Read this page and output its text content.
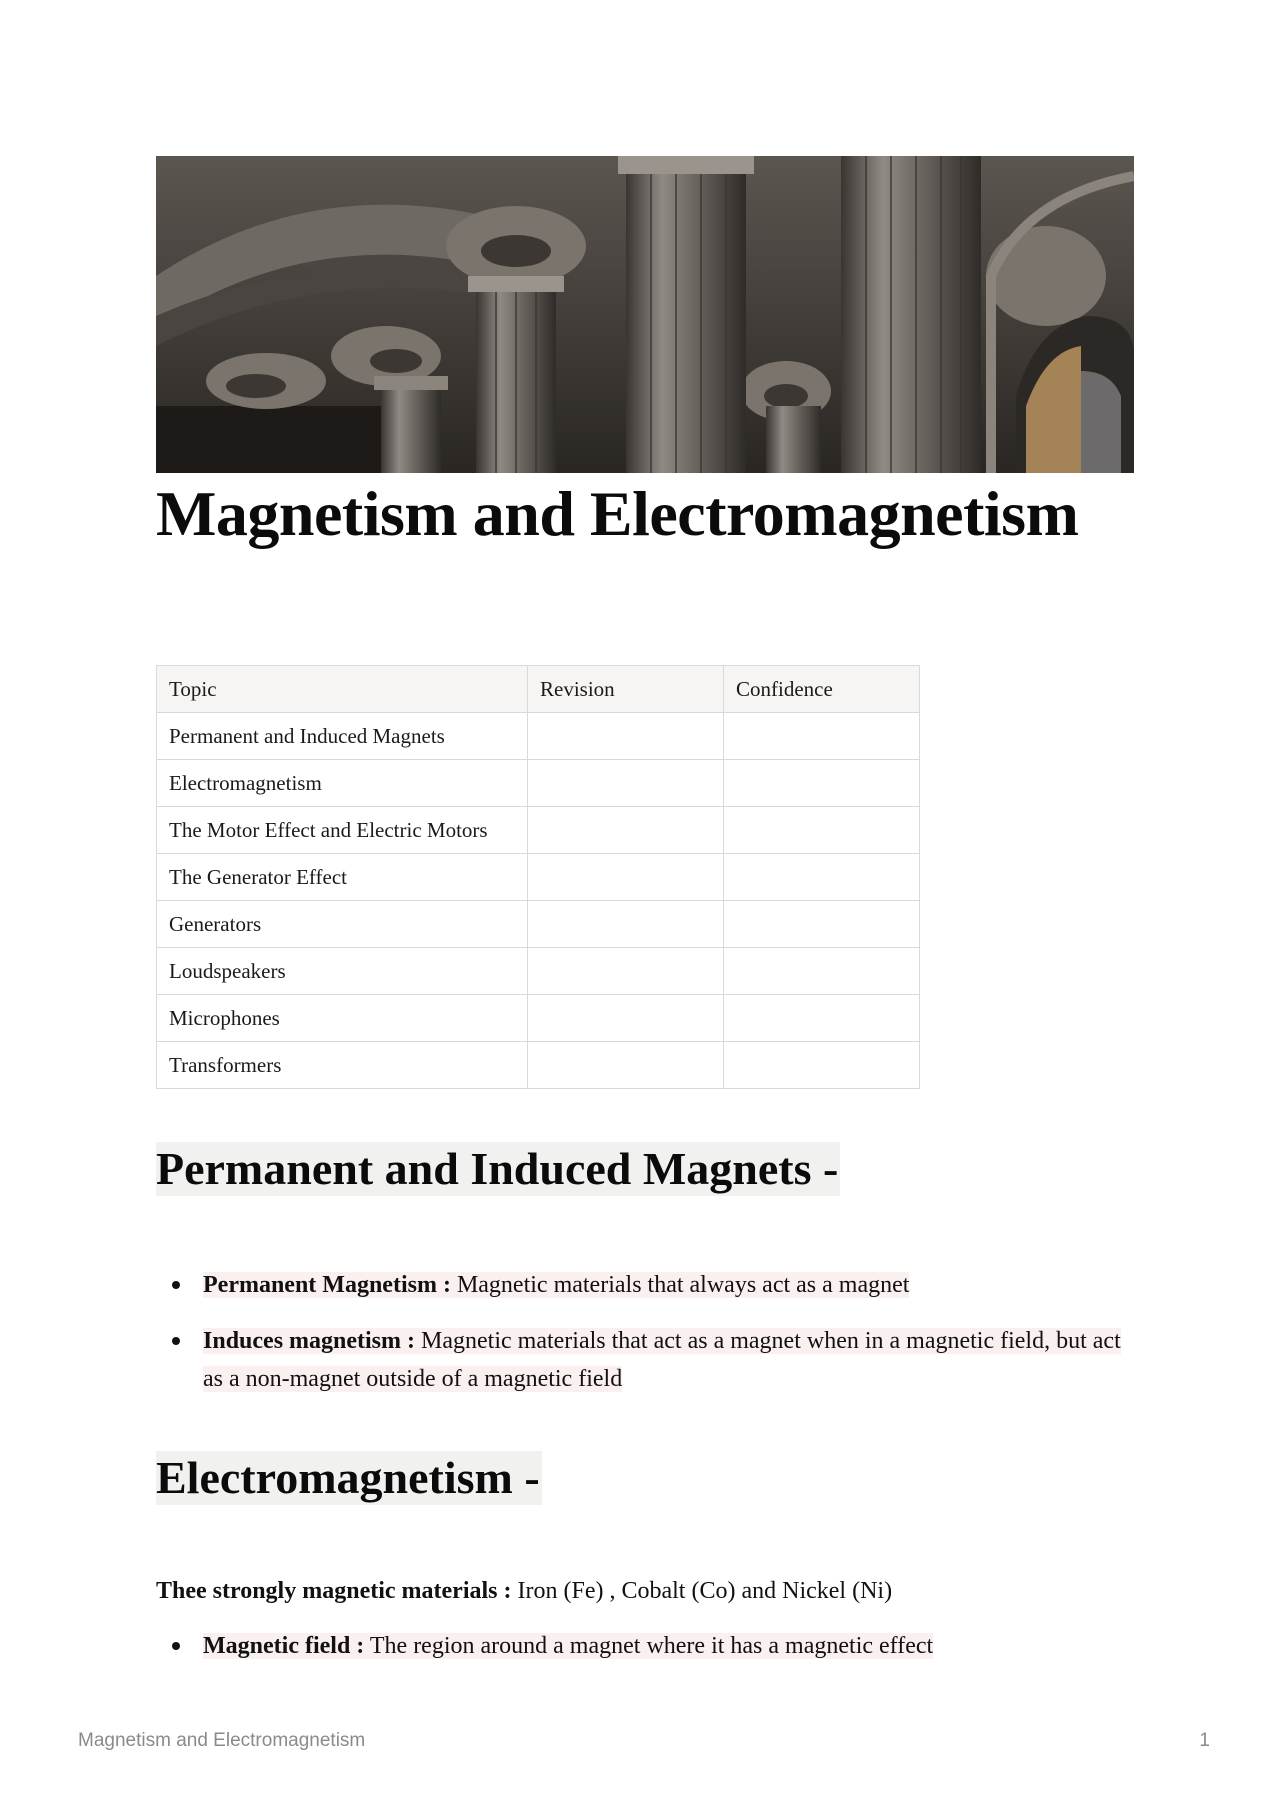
Magnetism and Electromagnetism
Topic	Revision	Confidence
Permanent and Induced Magnets		
Electromagnetism		
The Motor Effect and Electric Motors		
The Generator Effect		
Generators		
Loudspeakers		
Microphones		
Transformers		
Permanent and Induced Magnets -
Permanent Magnetism : Magnetic materials that always act as a magnet
Induces magnetism : Magnetic materials that act as a magnet when in a magnetic field, but act as a non-magnet outside of a magnetic field
Electromagnetism -

Thee strongly magnetic materials : Iron (Fe) , Cobalt (Co) and Nickel (Ni)

Magnetic field : The region around a magnet where it has a magnetic effect
Magnetism and Electromagnetism	1
